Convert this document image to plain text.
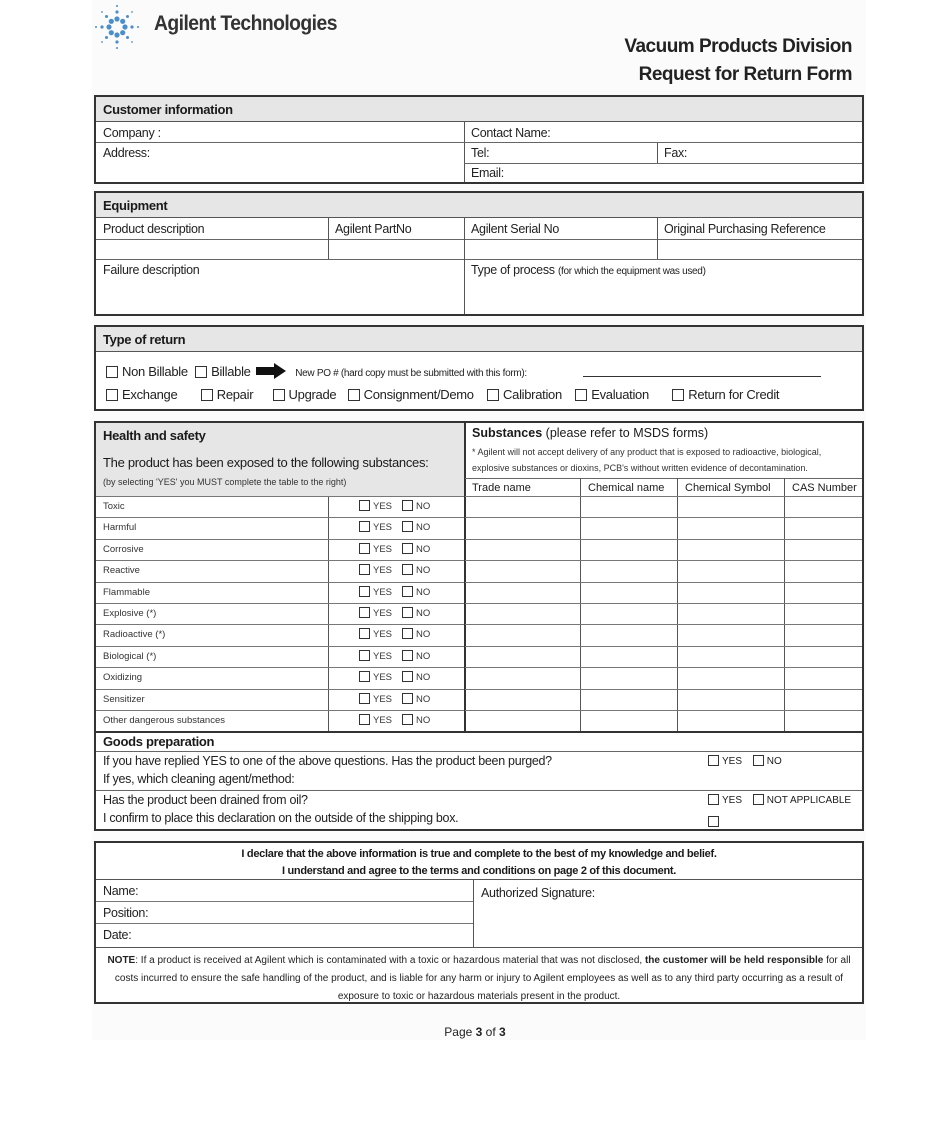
Agilent Technologies
Vacuum Products Division
Request for Return Form
Customer information
Company :	Contact Name:
Address:	Tel:	Fax:
Email:
Equipment
Product description	Agilent PartNo	Agilent Serial No	Original Purchasing Reference
Failure description	Type of process (for which the equipment was used)
Type of return
Non Billable Billable	New PO # (hard copy must be submitted with this form):
Exchange	Repair	Upgrade Consignment/Demo Calibration Evaluation	Return for Credit
Health and safety
The product has been exposed to the following substances:
(by selecting 'YES' you MUST complete the table to the right)
Substances (please refer to MSDS forms)
* Agilent will not accept delivery of any product that is exposed to radioactive, biological,
explosive substances or dioxins, PCB's without written evidence of decontamination.
Trade name	Chemical name Chemical Symbol CAS Number
Toxic	YES	NO
Harmful	YES	NO
Corrosive	YES	NO
Reactive	YES	NO
Flammable	YES	NO
Explosive (*)	YES	NO
Radioactive (*)	YES	NO
Biological (*)	YES	NO
Oxidizing	YES	NO
Sensitizer	YES	NO
Other dangerous substances	YES	NO
Goods preparation
If you have replied YES to one of the above questions. Has the product been purged?
If yes, which cleaning agent/method:
YES NO
Has the product been drained from oil?
I confirm to place this declaration on the outside of the shipping box.
YES NOT APPLICABLE
I declare that the above information is true and complete to the best of my knowledge and belief.
I understand and agree to the terms and conditions on page 2 of this document.
Name:
Position:
Date:
Authorized Signature:
NOTE: If a product is received at Agilent which is contaminated with a toxic or hazardous material that was not disclosed, the customer will be held responsible for all costs incurred to ensure the safe handling of the product, and is liable for any harm or injury to Agilent employees as well as to any third party occurring as a result of exposure to toxic or hazardous materials present in the product.
Page 3 of 3
